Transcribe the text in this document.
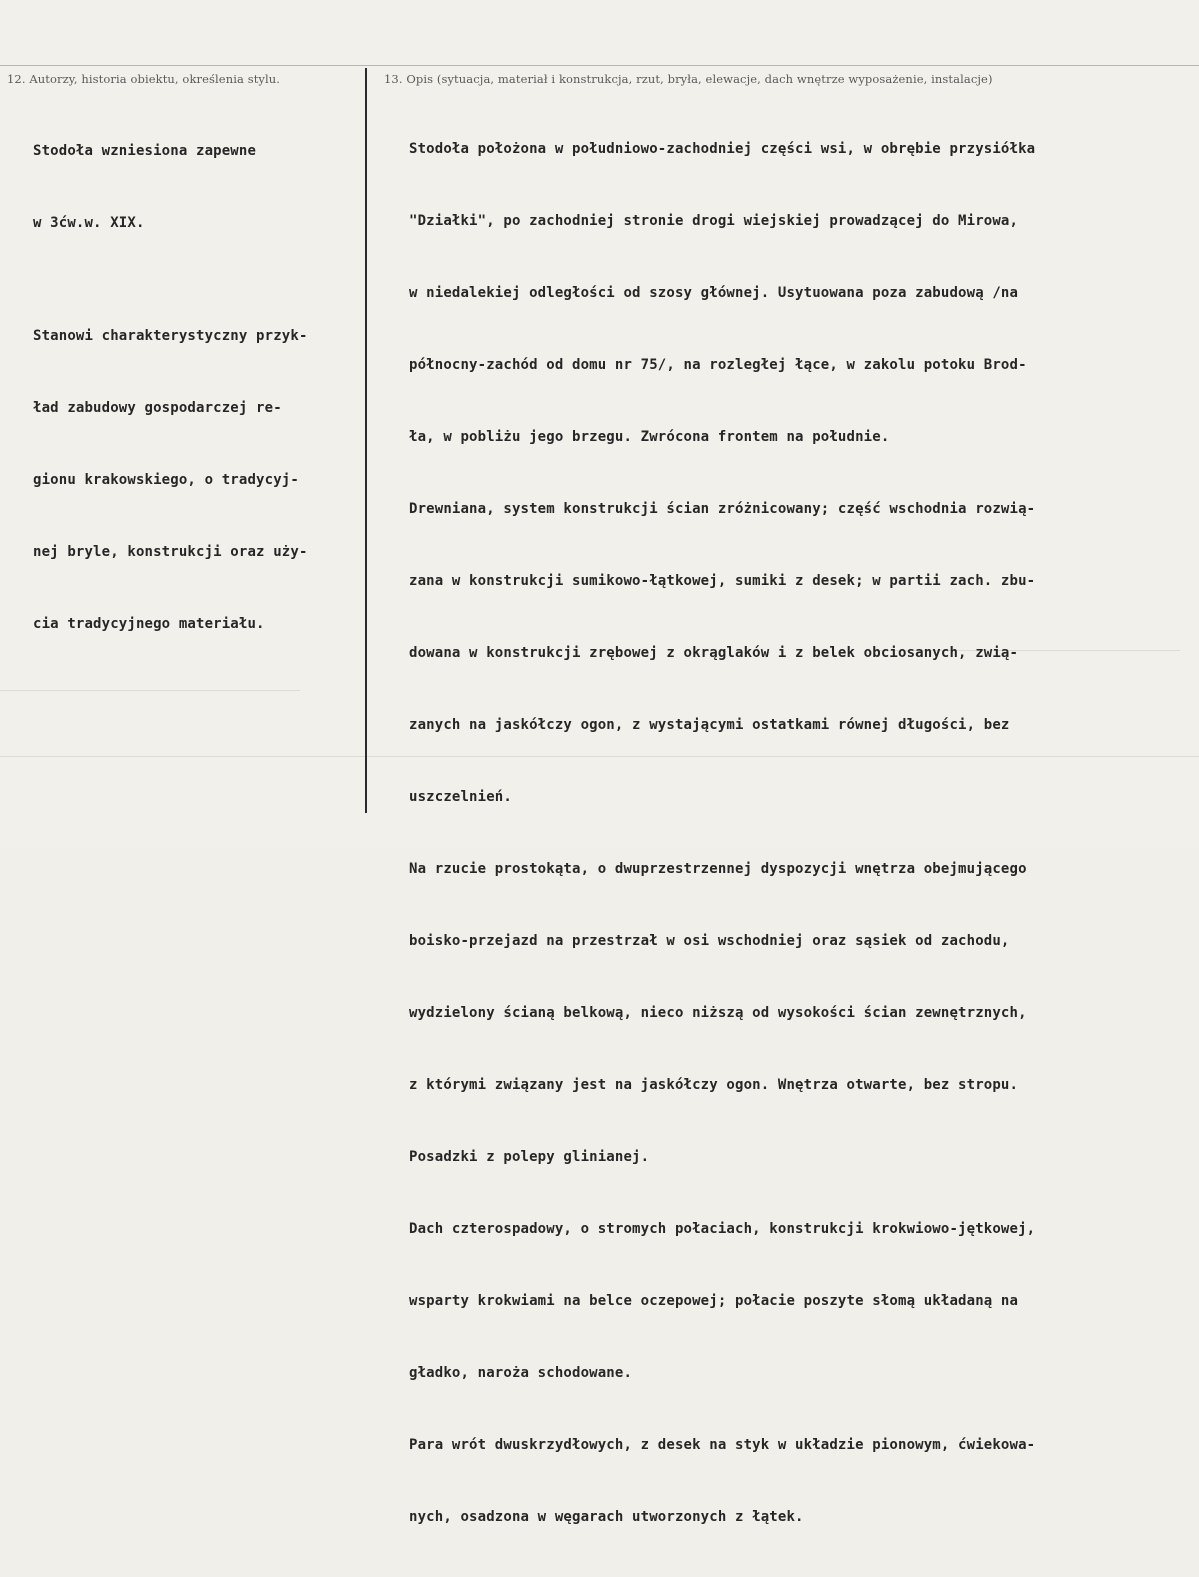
12. Autorzy, historia obiektu, określenia stylu.	13. Opis (sytuacja, materiał i konstrukcja, rzut, bryła, elewacje, dach wnętrze wyposażenie, instalacje)

Stodoła wzniesiona zapewne

w 3ćw.w. XIX.

Stanowi charakterystyczny przyk-

ład zabudowy gospodarczej re-

gionu krakowskiego, o tradycyj-

nej bryle, konstrukcji oraz uży-

cia tradycyjnego materiału.

Stodoła położona w południowo-zachodniej części wsi, w obrębie przysiółka

"Działki", po zachodniej stronie drogi wiejskiej prowadzącej do Mirowa,

w niedalekiej odległości od szosy głównej. Usytuowana poza zabudową /na

północny-zachód od domu nr 75/, na rozległej łące, w zakolu potoku Brod-

ła, w pobliżu jego brzegu. Zwrócona frontem na południe.

Drewniana, system konstrukcji ścian zróżnicowany; część wschodnia rozwią-

zana w konstrukcji sumikowo-łątkowej, sumiki z desek; w partii zach. zbu-

dowana w konstrukcji zrębowej z okrąglaków i z belek obciosanych, zwią-

zanych na jaskółczy ogon, z wystającymi ostatkami równej długości, bez

uszczelnień.

Na rzucie prostokąta, o dwuprzestrzennej dyspozycji wnętrza obejmującego

boisko-przejazd na przestrzał w osi wschodniej oraz sąsiek od zachodu,

wydzielony ścianą belkową, nieco niższą od wysokości ścian zewnętrznych,

z którymi związany jest na jaskółczy ogon. Wnętrza otwarte, bez stropu.

Posadzki z polepy glinianej.

Dach czterospadowy, o stromych połaciach, konstrukcji krokwiowo-jętkowej,

wsparty krokwiami na belce oczepowej; połacie poszyte słomą układaną na

gładko, naroża schodowane.

Para wrót dwuskrzydłowych, z desek na styk w układzie pionowym, ćwiekowa-

nych, osadzona w węgarach utworzonych z łątek.
